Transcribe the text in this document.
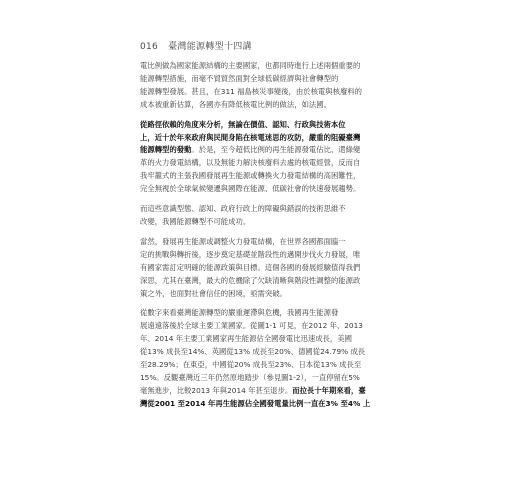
016 臺灣能源轉型十四講

電比例做為國家能源結構的主要國家，也都同時進行上述兩個重要的
能源轉型措施，而毫不貿貿然面對全球低碳經濟與社會轉型的
能源轉型發展。甚且，在311 福島核災事變後，由於核電與核廢料的
成本被重新估算，各國亦有降低核電比例的做法，如法國。

從路徑依賴的角度來分析，無論在價值、認知、行政與技術本位
上，近十於年來政府與民間身陷在核電迷思的攻防，嚴重的阻礙臺灣
能源轉型的發動。於是，至今超低比例的再生能源發電佔比、還綠變
革的火力發電結構，以及無能力解決核廢料去處的核電經營，反而自
我牢籠式的主張我國發展再生能源或轉換火力發電結構的高困難性，
完全無視於全球氣候變遷與國際在能源、低碳社會的快速發展趨勢。

而這些意識型態、認知、政府行政上的障礙與錯誤的技術思維不
改變，我國能源轉型不可能成功。

當然，發展再生能源或調整火力發電結構，在世界各國都面臨一
定的挑戰與轉折後，逐步奠定基礎並階段性的邁開步伐火力發展，唯
有國家需訂定明確的能源政策與目標。這個各國的發展經驗值得我們
深思，尤其在臺灣，最大的危機除了欠缺清晰與階段性調整的能源政
策之外，也面對社會信任的困境，亟需突破。

從數字來看臺灣能源轉型的嚴重遲滯與危機，我國再生能源發
展遠遠落後於全球主要工業國家。從圖1-1 可見，在2012 年、2013
年、2014 年主要工業國家再生能源佔全國發電比迅速成長，美國
從13% 成長至14%、英國從13% 成長至20%、德國從24.79% 成長
至28.29%；在東亞，中國從20% 成長至23%、日本從13% 成長至
15%。反觀臺灣近三年仍然原地踏步（參見圖1-2），一直停留在5%
毫無進步，比較2013 年與2014 年甚至退步。而拉長十年期來看，臺
灣從2001 至2014 年再生能源佔全國發電量比例一直在3% 至4% 上
